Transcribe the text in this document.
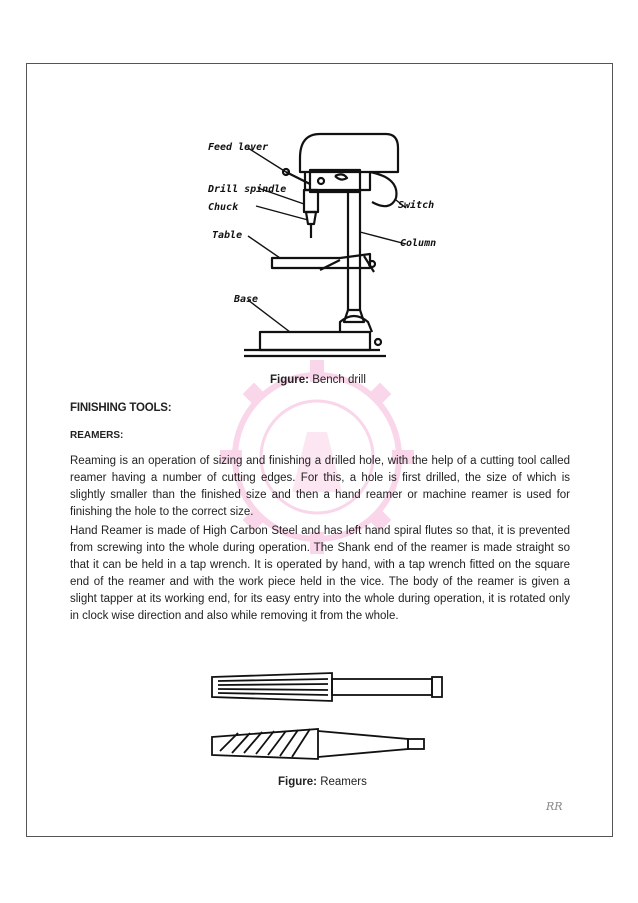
Feed lever
Drill spindle
Chuck
Table
Base
Switch
Column
Figure: Bench drill
FINISHING TOOLS:
REAMERS:

Reaming is an operation of sizing and finishing a drilled hole, with the help of a cutting tool called reamer having a number of cutting edges. For this, a hole is first drilled, the size of which is slightly smaller than the finished size and then a hand reamer or machine reamer is used for finishing the hole to the correct size.

Hand Reamer is made of High Carbon Steel and has left hand spiral flutes so that, it is prevented from screwing into the whole during operation. The Shank end of the reamer is made straight so that it can be held in a tap wrench. It is operated by hand, with a tap wrench fitted on the square end of the reamer and with the work piece held in the vice. The body of the reamer is given a slight tapper at its working end, for its easy entry into the whole during operation, it is rotated only in clock wise direction and also while removing it from the whole.

Figure: Reamers
RR
